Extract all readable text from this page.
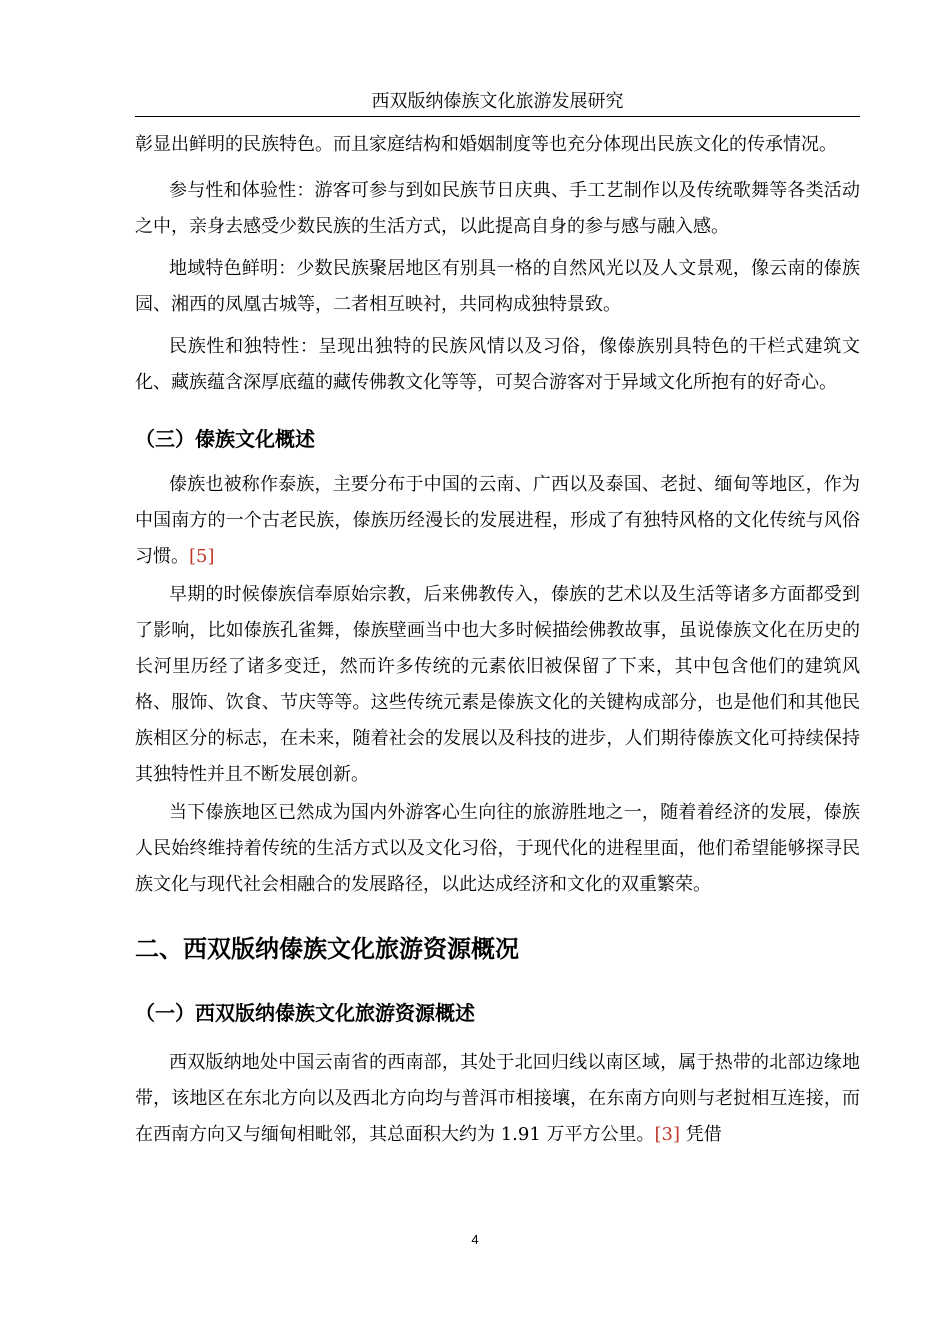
西双版纳傣族文化旅游发展研究

彰显出鲜明的民族特色。而且家庭结构和婚姻制度等也充分体现出民族文化的传承情况。

参与性和体验性：游客可参与到如民族节日庆典、手工艺制作以及传统歌舞等各类活动之中，亲身去感受少数民族的生活方式，以此提高自身的参与感与融入感。

地域特色鲜明：少数民族聚居地区有别具一格的自然风光以及人文景观，像云南的傣族园、湘西的凤凰古城等，二者相互映衬，共同构成独特景致。

民族性和独特性：呈现出独特的民族风情以及习俗，像傣族别具特色的干栏式建筑文化、藏族蕴含深厚底蕴的藏传佛教文化等等，可契合游客对于异域文化所抱有的好奇心。

（三）傣族文化概述

傣族也被称作泰族，主要分布于中国的云南、广西以及泰国、老挝、缅甸等地区，作为中国南方的一个古老民族，傣族历经漫长的发展进程，形成了有独特风格的文化传统与风俗习惯。[5]

早期的时候傣族信奉原始宗教，后来佛教传入，傣族的艺术以及生活等诸多方面都受到了影响，比如傣族孔雀舞，傣族壁画当中也大多时候描绘佛教故事，虽说傣族文化在历史的长河里历经了诸多变迁，然而许多传统的元素依旧被保留了下来，其中包含他们的建筑风格、服饰、饮食、节庆等等。这些传统元素是傣族文化的关键构成部分，也是他们和其他民族相区分的标志，在未来，随着社会的发展以及科技的进步，人们期待傣族文化可持续保持其独特性并且不断发展创新。

当下傣族地区已然成为国内外游客心生向往的旅游胜地之一，随着着经济的发展，傣族人民始终维持着传统的生活方式以及文化习俗，于现代化的进程里面，他们希望能够探寻民族文化与现代社会相融合的发展路径，以此达成经济和文化的双重繁荣。

二、西双版纳傣族文化旅游资源概况
（一）西双版纳傣族文化旅游资源概述

西双版纳地处中国云南省的西南部，其处于北回归线以南区域，属于热带的北部边缘地带，该地区在东北方向以及西北方向均与普洱市相接壤，在东南方向则与老挝相互连接，而在西南方向又与缅甸相毗邻，其总面积大约为 1.91 万平方公里。[3] 凭借

4
